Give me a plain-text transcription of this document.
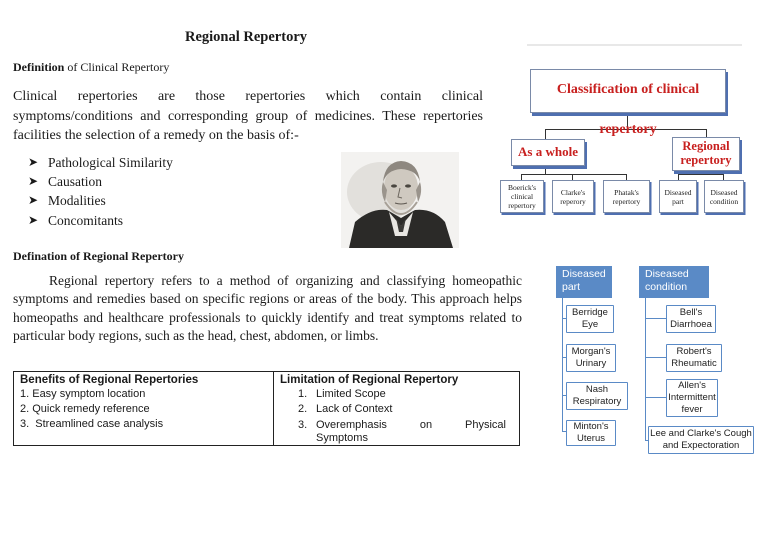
Regional Repertory
Definition of Clinical Repertory
Clinical repertories are those repertories which contain clinical symptoms/conditions and corresponding group of medicines. These repertories facilities the selection of a remedy on the basis of:-
➤ Pathological Similarity
➤ Causation
➤ Modalities
➤ Concomitants
Defination of Regional Repertory
Regional repertory refers to a method of organizing and classifying homeopathic symptoms and remedies based on specific regions or areas of the body. This approach helps homeopaths and healthcare professionals to quickly identify and treat symptoms related to particular body regions, such as the head, chest, abdomen, or limbs.
Benefits of Regional Repertories
1. Easy symptom location
2. Quick remedy reference
3.  Streamlined case analysis
Limitation of Regional Repertory
1. Limited Scope
2. Lack of Context
3. Overemphasis	on	Physical
Symptoms
Classification of clinical repertory
As a whole	Regional repertory
Boerick's clinical repertory
Clarke's reperory
Phatak's repertory
Diseased part
Diseased condition
Diseased part
Diseased condition
Berridge Eye
Morgan's Urinary
Nash Respiratory
Minton's Uterus
Bell's Diarrhoea
Robert's Rheumatic
Allen's Intermittent fever
Lee and Clarke's Cough and Expectoration
